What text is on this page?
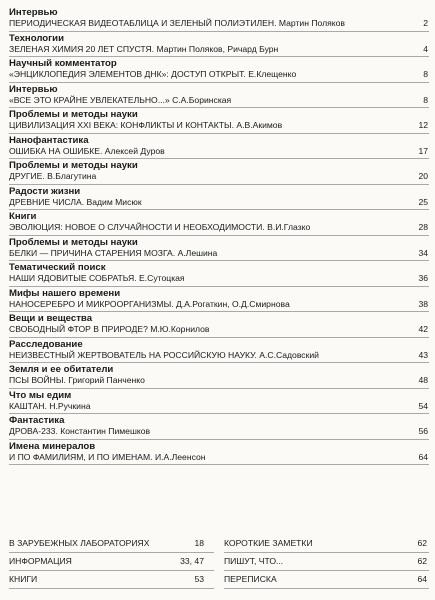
Интервью
ПЕРИОДИЧЕСКАЯ ВИДЕОТАБЛИЦА И ЗЕЛЕНЫЙ ПОЛИЭТИЛЕН. Мартин Поляков	2
Технологии
ЗЕЛЕНАЯ ХИМИЯ 20 ЛЕТ СПУСТЯ. Мартин Поляков, Ричард Бурн	4
Научный комментатор
«ЭНЦИКЛОПЕДИЯ ЭЛЕМЕНТОВ ДНК»: ДОСТУП ОТКРЫТ. Е.Клещенко	8
Интервью
«ВСЕ ЭТО КРАЙНЕ УВЛЕКАТЕЛЬНО...» С.А.Боринская	8
Проблемы и методы науки
ЦИВИЛИЗАЦИЯ XXI ВЕКА: КОНФЛИКТЫ И КОНТАКТЫ. А.В.Акимов	12
Нанофантастика
ОШИБКА НА ОШИБКЕ. Алексей Дуров	17
Проблемы и методы науки
ДРУГИЕ. В.Благутина	20
Радости жизни
ДРЕВНИЕ ЧИСЛА. Вадим Мисюк	25
Книги
ЭВОЛЮЦИЯ: НОВОЕ О СЛУЧАЙНОСТИ И НЕОБХОДИМОСТИ. В.И.Глазко	28
Проблемы и методы науки
БЕЛКИ — ПРИЧИНА СТАРЕНИЯ МОЗГА. А.Лешина	34
Тематический поиск
НАШИ ЯДОВИТЫЕ СОБРАТЬЯ. Е.Сутоцкая	36
Мифы нашего времени
НАНОСЕРЕБРО И МИКРООРГАНИЗМЫ. Д.А.Рогаткин, О.Д.Смирнова	38
Вещи и вещества
СВОБОДНЫЙ ФТОР В ПРИРОДЕ? М.Ю.Корнилов	42
Расследование
НЕИЗВЕСТНЫЙ ЖЕРТВОВАТЕЛЬ НА РОССИЙСКУЮ НАУКУ. А.С.Садовский	43
Земля и ее обитатели
ПСЫ ВОЙНЫ. Григорий Панченко	48
Что мы едим
КАШТАН. Н.Ручкина	54
Фантастика
ДРОВА-233. Константин Пимешков	56
Имена минералов
И ПО ФАМИЛИЯМ, И ПО ИМЕНАМ. И.А.Леенсон	64
В ЗАРУБЕЖНЫХ ЛАБОРАТОРИЯХ	18
ИНФОРМАЦИЯ	33, 47
КНИГИ	53
КОРОТКИЕ ЗАМЕТКИ	62
ПИШУТ, ЧТО...	62
ПЕРЕПИСКА	64
